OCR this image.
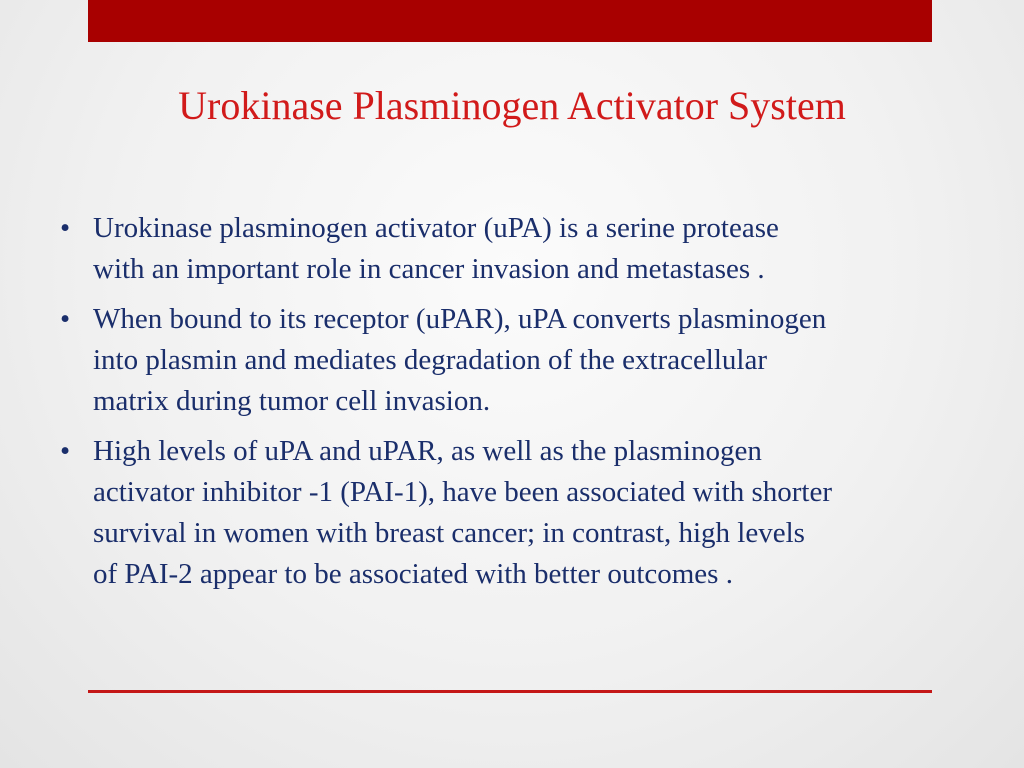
Urokinase Plasminogen Activator System
• Urokinase plasminogen activator (uPA) is a serine protease
with an important role in cancer invasion and metastases .
• When bound to its receptor (uPAR), uPA converts plasminogen
into plasmin and mediates degradation of the extracellular
matrix during tumor cell invasion.
• High levels of uPA and uPAR, as well as the plasminogen
activator inhibitor -1 (PAI-1), have been associated with shorter
survival in women with breast cancer; in contrast, high levels
of PAI-2 appear to be associated with better outcomes .
